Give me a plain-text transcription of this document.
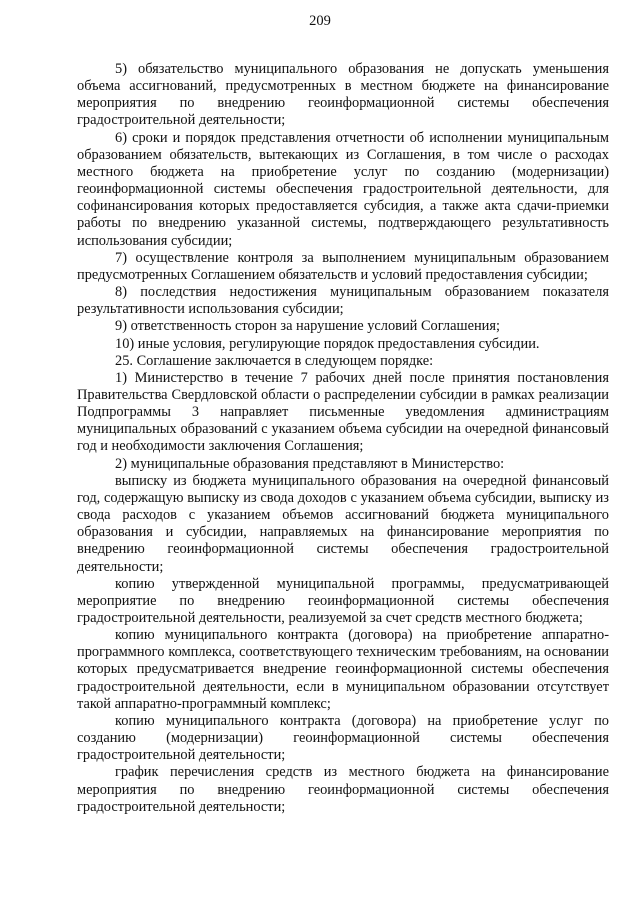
209

5) обязательство муниципального образования не допускать уменьшения объема ассигнований, предусмотренных в местном бюджете на финансирование мероприятия по внедрению геоинформационной системы обеспечения градостроительной деятельности;

6) сроки и порядок представления отчетности об исполнении муниципальным образованием обязательств, вытекающих из Соглашения, в том числе о расходах местного бюджета на приобретение услуг по созданию (модернизации) геоинформационной системы обеспечения градостроительной деятельности, для софинансирования которых предоставляется субсидия, а также акта сдачи-приемки работы по внедрению указанной системы, подтверждающего результативность использования субсидии;

7) осуществление контроля за выполнением муниципальным образованием предусмотренных Соглашением обязательств и условий предоставления субсидии;

8) последствия недостижения муниципальным образованием показателя результативности использования субсидии;

9) ответственность сторон за нарушение условий Соглашения;

10) иные условия, регулирующие порядок предоставления субсидии.

25. Соглашение заключается в следующем порядке:

1) Министерство в течение 7 рабочих дней после принятия постановления Правительства Свердловской области о распределении субсидии в рамках реализации Подпрограммы 3 направляет письменные уведомления администрациям муниципальных образований с указанием объема субсидии на очередной финансовый год и необходимости заключения Соглашения;

2) муниципальные образования представляют в Министерство:

выписку из бюджета муниципального образования на очередной финансовый год, содержащую выписку из свода доходов с указанием объема субсидии, выписку из свода расходов с указанием объемов ассигнований бюджета муниципального образования и субсидии, направляемых на финансирование мероприятия по внедрению геоинформационной системы обеспечения градостроительной деятельности;

копию утвержденной муниципальной программы, предусматривающей мероприятие по внедрению геоинформационной системы обеспечения градостроительной деятельности, реализуемой за счет средств местного бюджета;

копию муниципального контракта (договора) на приобретение аппаратно-программного комплекса, соответствующего техническим требованиям, на основании которых предусматривается внедрение геоинформационной системы обеспечения градостроительной деятельности, если в муниципальном образовании отсутствует такой аппаратно-программный комплекс;

копию муниципального контракта (договора) на приобретение услуг по созданию (модернизации) геоинформационной системы обеспечения градостроительной деятельности;

график перечисления средств из местного бюджета на финансирование мероприятия по внедрению геоинформационной системы обеспечения градостроительной деятельности;
